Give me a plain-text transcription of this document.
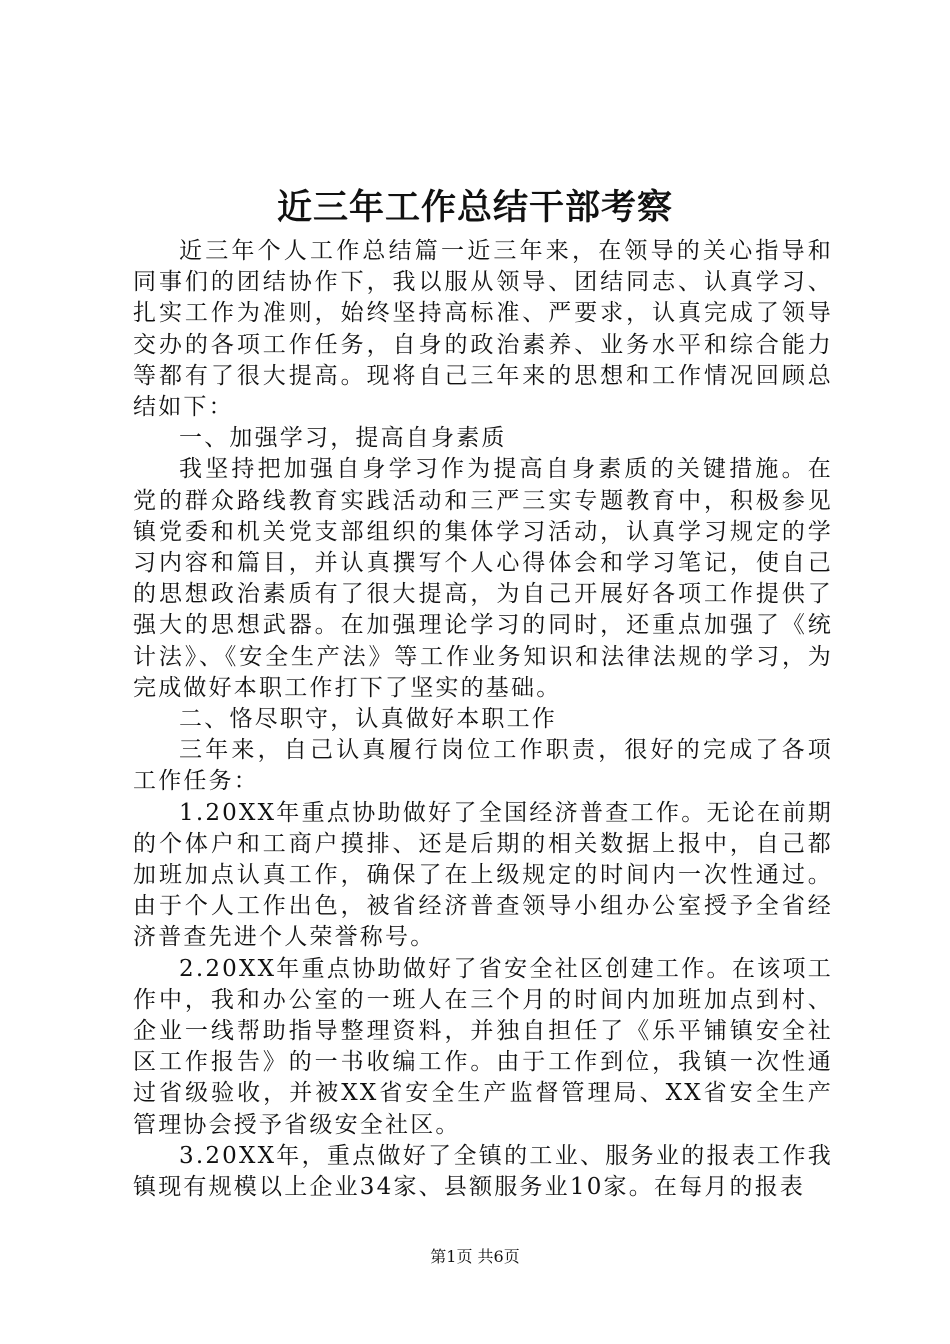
近三年工作总结干部考察

近三年个人工作总结篇一近三年来，在领导的关心指导和同事们的团结协作下，我以服从领导、团结同志、认真学习、扎实工作为准则，始终坚持高标准、严要求，认真完成了领导交办的各项工作任务，自身的政治素养、业务水平和综合能力等都有了很大提高。现将自己三年来的思想和工作情况回顾总结如下：

一、加强学习，提高自身素质

我坚持把加强自身学习作为提高自身素质的关键措施。在党的群众路线教育实践活动和三严三实专题教育中，积极参见镇党委和机关党支部组织的集体学习活动，认真学习规定的学习内容和篇目，并认真撰写个人心得体会和学习笔记，使自己的思想政治素质有了很大提高，为自己开展好各项工作提供了强大的思想武器。在加强理论学习的同时，还重点加强了《统计法》、《安全生产法》等工作业务知识和法律法规的学习，为完成做好本职工作打下了坚实的基础。

二、恪尽职守，认真做好本职工作

三年来，自己认真履行岗位工作职责，很好的完成了各项工作任务：

1.20XX年重点协助做好了全国经济普查工作。无论在前期的个体户和工商户摸排、还是后期的相关数据上报中，自己都加班加点认真工作，确保了在上级规定的时间内一次性通过。由于个人工作出色，被省经济普查领导小组办公室授予全省经济普查先进个人荣誉称号。

2.20XX年重点协助做好了省安全社区创建工作。在该项工作中，我和办公室的一班人在三个月的时间内加班加点到村、企业一线帮助指导整理资料，并独自担任了《乐平铺镇安全社区工作报告》的一书收编工作。由于工作到位，我镇一次性通过省级验收，并被XX省安全生产监督管理局、XX省安全生产管理协会授予省级安全社区。

3.20XX年，重点做好了全镇的工业、服务业的报表工作我镇现有规模以上企业34家、县额服务业10家。在每月的报表

第1页 共6页
